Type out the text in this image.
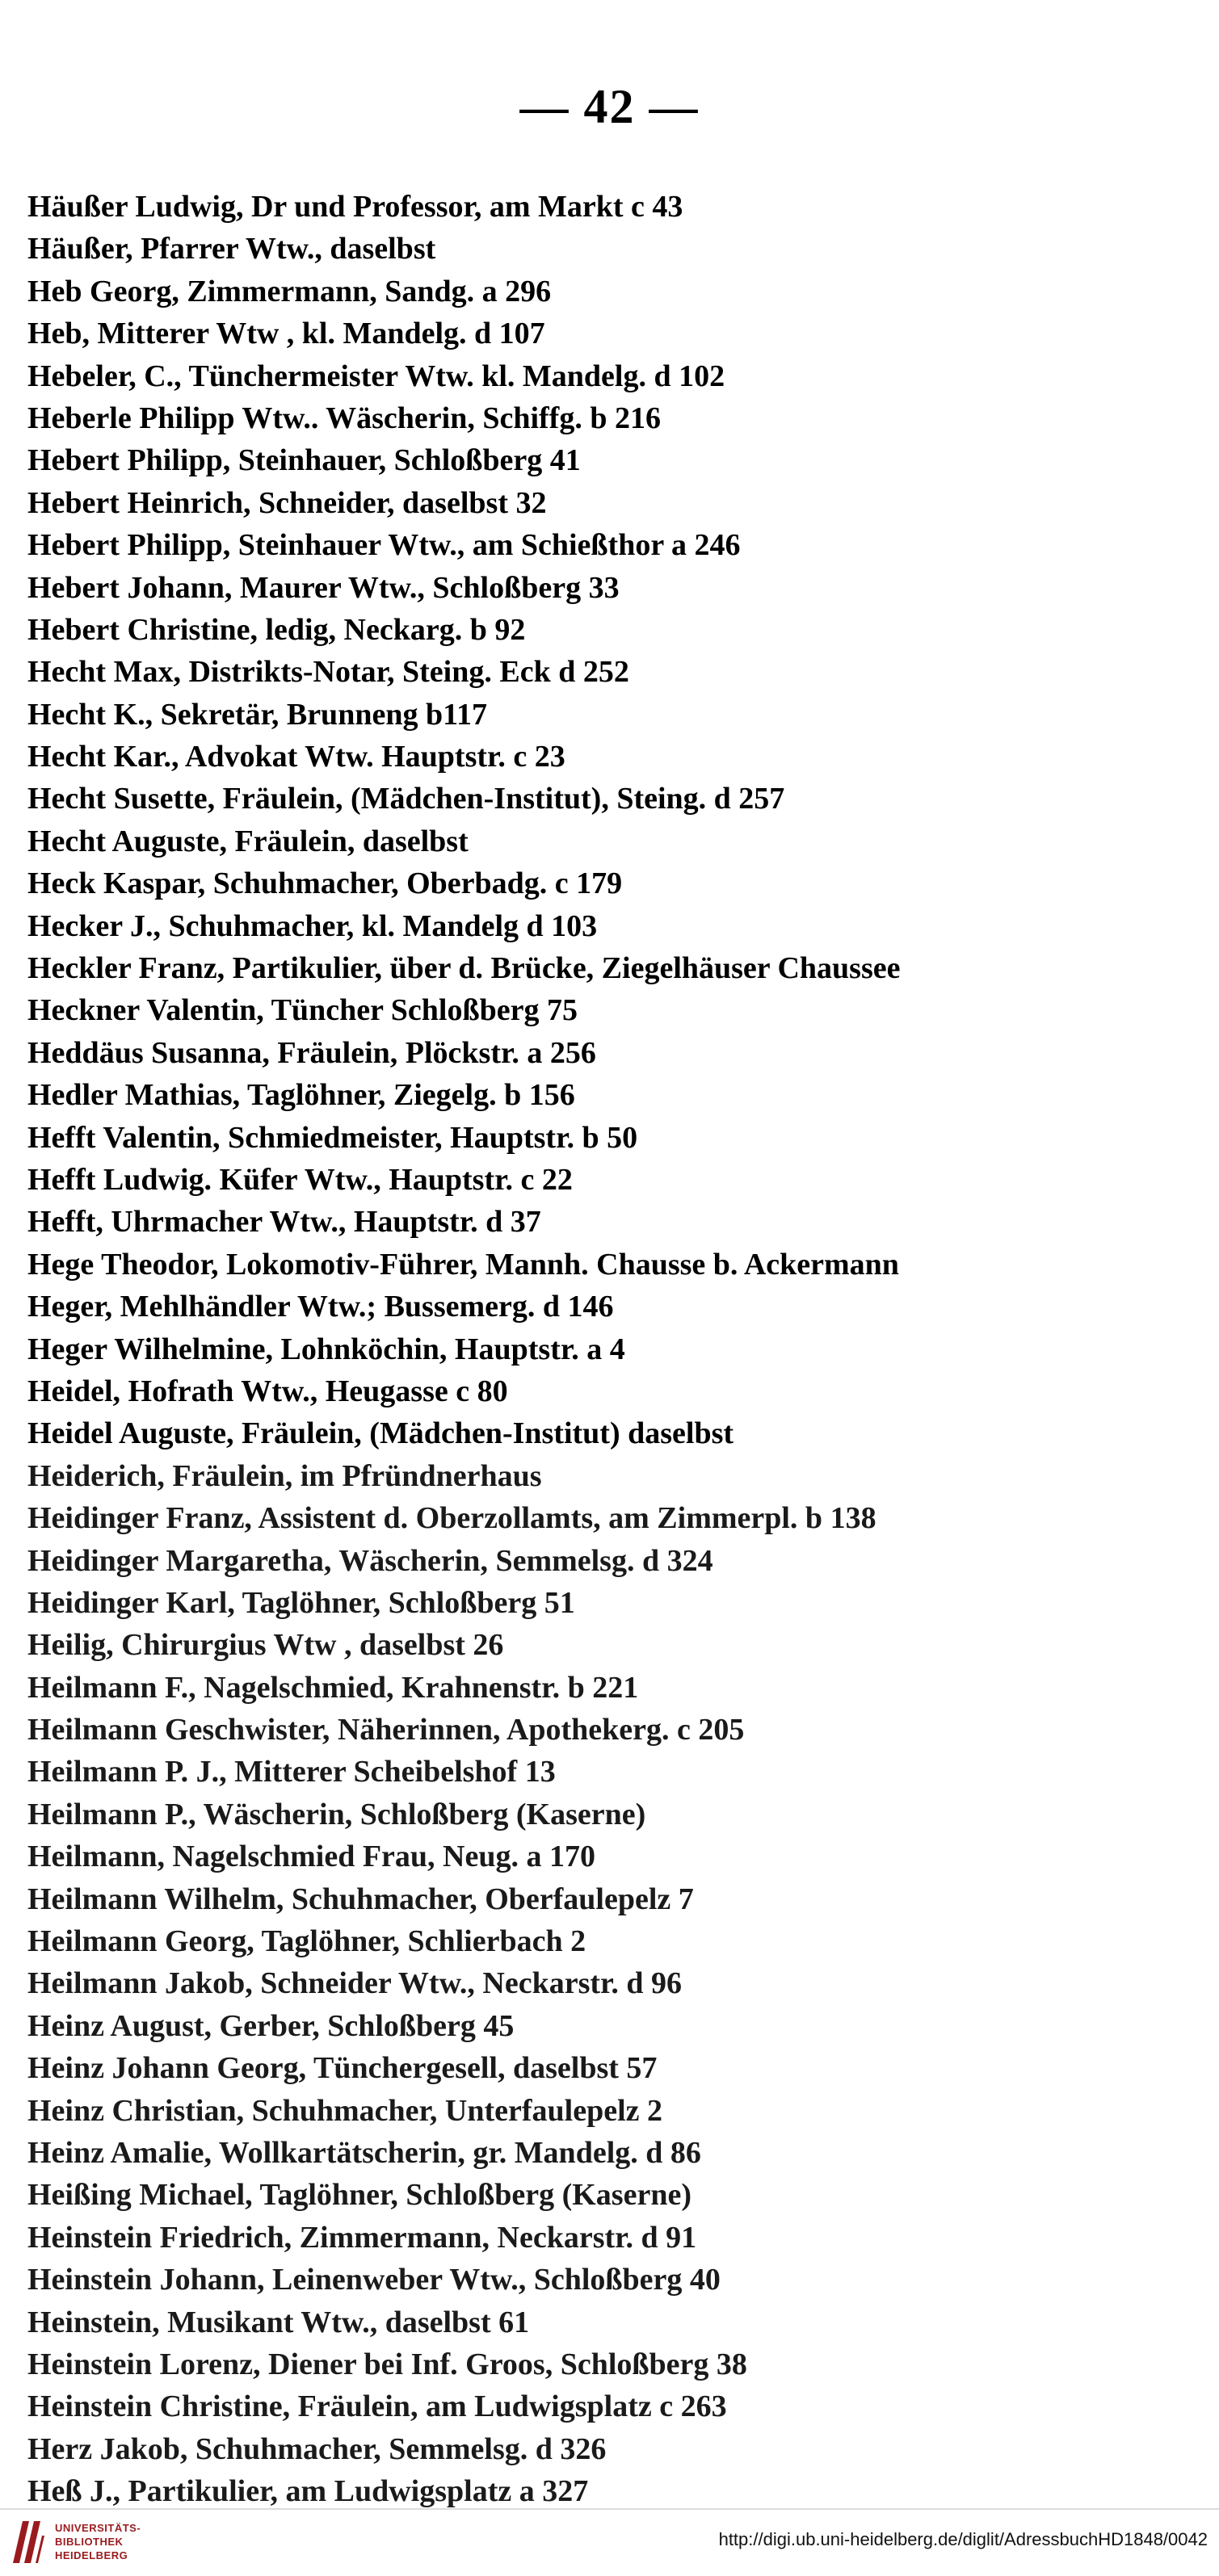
— 42 —
Häußer Ludwig, Dr und Professor, am Markt c 43
Häußer, Pfarrer Wtw., daselbst
Heb Georg, Zimmermann, Sandg. a 296
Heb, Mitterer Wtw , kl. Mandelg. d 107
Hebeler, C., Tünchermeister Wtw. kl. Mandelg. d 102
Heberle Philipp Wtw.. Wäscherin, Schiffg. b 216
Hebert Philipp, Steinhauer, Schloßberg 41
Hebert Heinrich, Schneider, daselbst 32
Hebert Philipp, Steinhauer Wtw., am Schießthor a 246
Hebert Johann, Maurer Wtw., Schloßberg 33
Hebert Christine, ledig, Neckarg. b 92
Hecht Max, Distrikts-Notar, Steing. Eck d 252
Hecht K., Sekretär, Brunneng b117
Hecht Kar., Advokat Wtw. Hauptstr. c 23
Hecht Susette, Fräulein, (Mädchen-Institut), Steing. d 257
Hecht Auguste, Fräulein, daselbst
Heck Kaspar, Schuhmacher, Oberbadg. c 179
Hecker J., Schuhmacher, kl. Mandelg d 103
Heckler Franz, Partikulier, über d. Brücke, Ziegelhäuser Chaussee
Heckner Valentin, Tüncher Schloßberg 75
Heddäus Susanna, Fräulein, Plöckstr. a 256
Hedler Mathias, Taglöhner, Ziegelg. b 156
Hefft Valentin, Schmiedmeister, Hauptstr. b 50
Hefft Ludwig. Küfer Wtw., Hauptstr. c 22
Hefft, Uhrmacher Wtw., Hauptstr. d 37
Hege Theodor, Lokomotiv-Führer, Mannh. Chausse b. Ackermann
Heger, Mehlhändler Wtw.; Bussemerg. d 146
Heger Wilhelmine, Lohnköchin, Hauptstr. a 4
Heidel, Hofrath Wtw., Heugasse c 80
Heidel Auguste, Fräulein, (Mädchen-Institut) daselbst
Heiderich, Fräulein, im Pfründnerhaus
Heidinger Franz, Assistent d. Oberzollamts, am Zimmerpl. b 138
Heidinger Margaretha, Wäscherin, Semmelsg. d 324
Heidinger Karl, Taglöhner, Schloßberg 51
Heilig, Chirurgius Wtw , daselbst 26
Heilmann F., Nagelschmied, Krahnenstr. b 221
Heilmann Geschwister, Näherinnen, Apothekerg. c 205
Heilmann P. J., Mitterer Scheibelshof 13
Heilmann P., Wäscherin, Schloßberg (Kaserne)
Heilmann, Nagelschmied Frau, Neug. a 170
Heilmann Wilhelm, Schuhmacher, Oberfaulepelz 7
Heilmann Georg, Taglöhner, Schlierbach 2
Heilmann Jakob, Schneider Wtw., Neckarstr. d 96
Heinz August, Gerber, Schloßberg 45
Heinz Johann Georg, Tünchergesell, daselbst 57
Heinz Christian, Schuhmacher, Unterfaulepelz 2
Heinz Amalie, Wollkartätscherin, gr. Mandelg. d 86
Heißing Michael, Taglöhner, Schloßberg (Kaserne)
Heinstein Friedrich, Zimmermann, Neckarstr. d 91
Heinstein Johann, Leinenweber Wtw., Schloßberg 40
Heinstein, Musikant Wtw., daselbst 61
Heinstein Lorenz, Diener bei Inf. Groos, Schloßberg 38
Heinstein Christine, Fräulein, am Ludwigsplatz c 263
Herz Jakob, Schuhmacher, Semmelsg. d 326
Heß J., Partikulier, am Ludwigsplatz a 327
UNIVERSITÄTS-
BIBLIOTHEK
HEIDELBERG
http://digi.ub.uni-heidelberg.de/diglit/AdressbuchHD1848/0042
